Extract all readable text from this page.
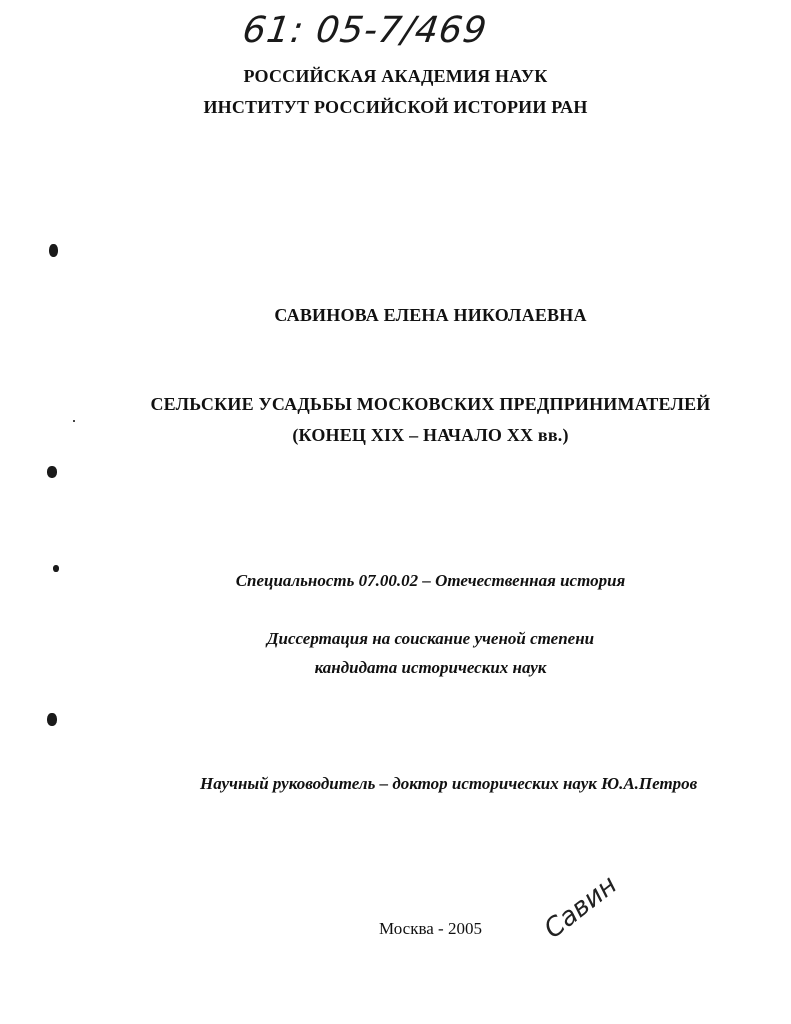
61: 05-7/469
РОССИЙСКАЯ АКАДЕМИЯ НАУК
ИНСТИТУТ РОССИЙСКОЙ ИСТОРИИ РАН
САВИНОВА ЕЛЕНА НИКОЛАЕВНА
СЕЛЬСКИЕ УСАДЬБЫ МОСКОВСКИХ ПРЕДПРИНИМАТЕЛЕЙ
(КОНЕЦ XIX – НАЧАЛО XX вв.)
Специальность 07.00.02 – Отечественная история
Диссертация на соискание ученой степени
кандидата исторических наук
Научный руководитель – доктор исторических наук Ю.А.Петров
Москва - 2005	Савин
